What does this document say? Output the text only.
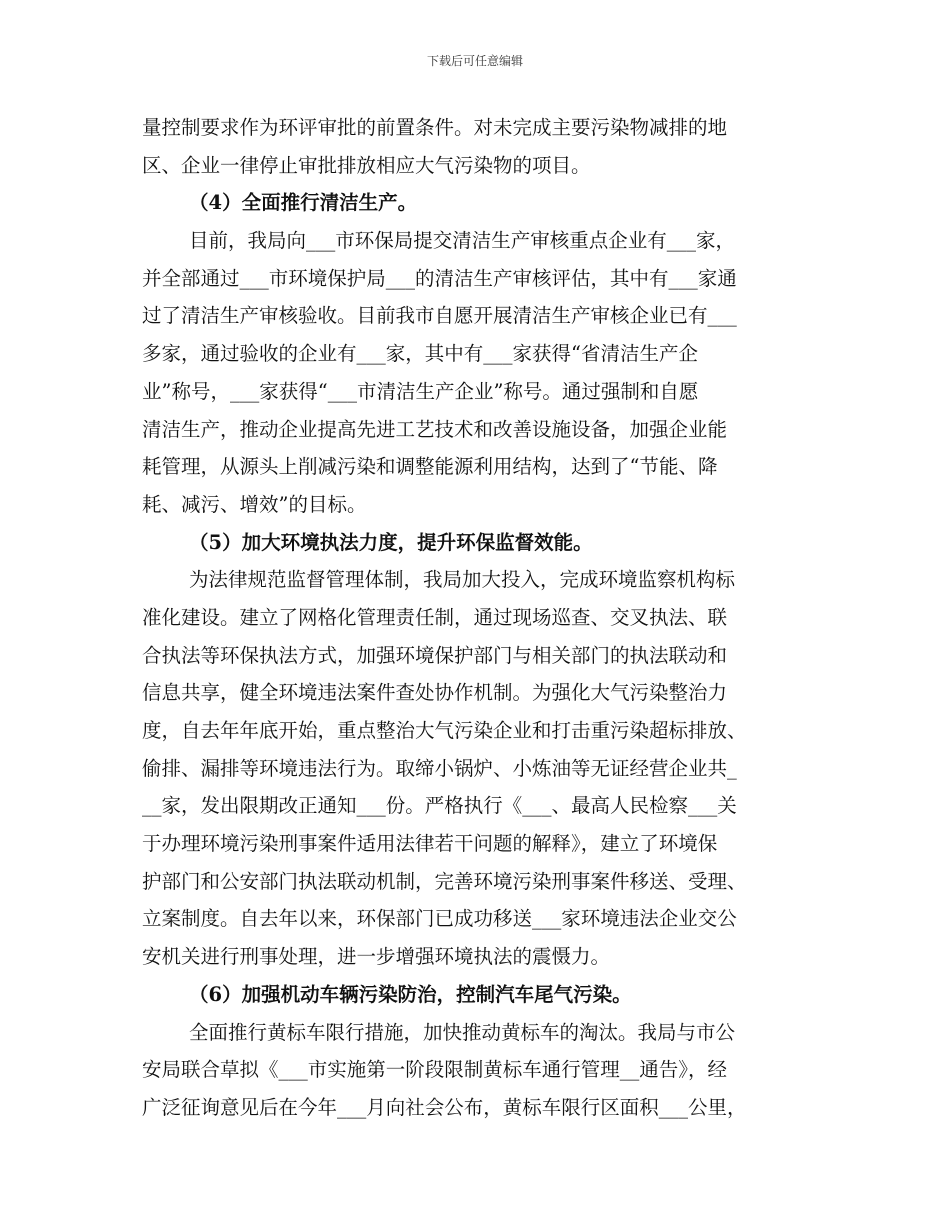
下载后可任意编辑
量控制要求作为环评审批的前置条件。对未完成主要污染物减排的地
区、企业一律停止审批排放相应大气污染物的项目。
（4）全面推行清洁生产。
目前，我局向___市环保局提交清洁生产审核重点企业有___家，
并全部通过___市环境保护局___的清洁生产审核评估，其中有___家通
过了清洁生产审核验收。目前我市自愿开展清洁生产审核企业已有___
多家，通过验收的企业有___家，其中有___家获得“省清洁生产企
业”称号，___家获得“___市清洁生产企业”称号。通过强制和自愿
清洁生产，推动企业提高先进工艺技术和改善设施设备，加强企业能
耗管理，从源头上削减污染和调整能源利用结构，达到了“节能、降
耗、减污、增效”的目标。
（5）加大环境执法力度，提升环保监督效能。
为法律规范监督管理体制，我局加大投入，完成环境监察机构标
准化建设。建立了网格化管理责任制，通过现场巡查、交叉执法、联
合执法等环保执法方式，加强环境保护部门与相关部门的执法联动和
信息共享，健全环境违法案件查处协作机制。为强化大气污染整治力
度，自去年年底开始，重点整治大气污染企业和打击重污染超标排放、
偷排、漏排等环境违法行为。取缔小锅炉、小炼油等无证经营企业共_
__家，发出限期改正通知___份。严格执行《___、最高人民检察___关
于办理环境污染刑事案件适用法律若干问题的解释》，建立了环境保
护部门和公安部门执法联动机制，完善环境污染刑事案件移送、受理、
立案制度。自去年以来，环保部门已成功移送___家环境违法企业交公
安机关进行刑事处理，进一步增强环境执法的震慑力。
（6）加强机动车辆污染防治，控制汽车尾气污染。
全面推行黄标车限行措施，加快推动黄标车的淘汰。我局与市公
安局联合草拟《___市实施第一阶段限制黄标车通行管理__通告》，经
广泛征询意见后在今年___月向社会公布，黄标车限行区面积___公里，
